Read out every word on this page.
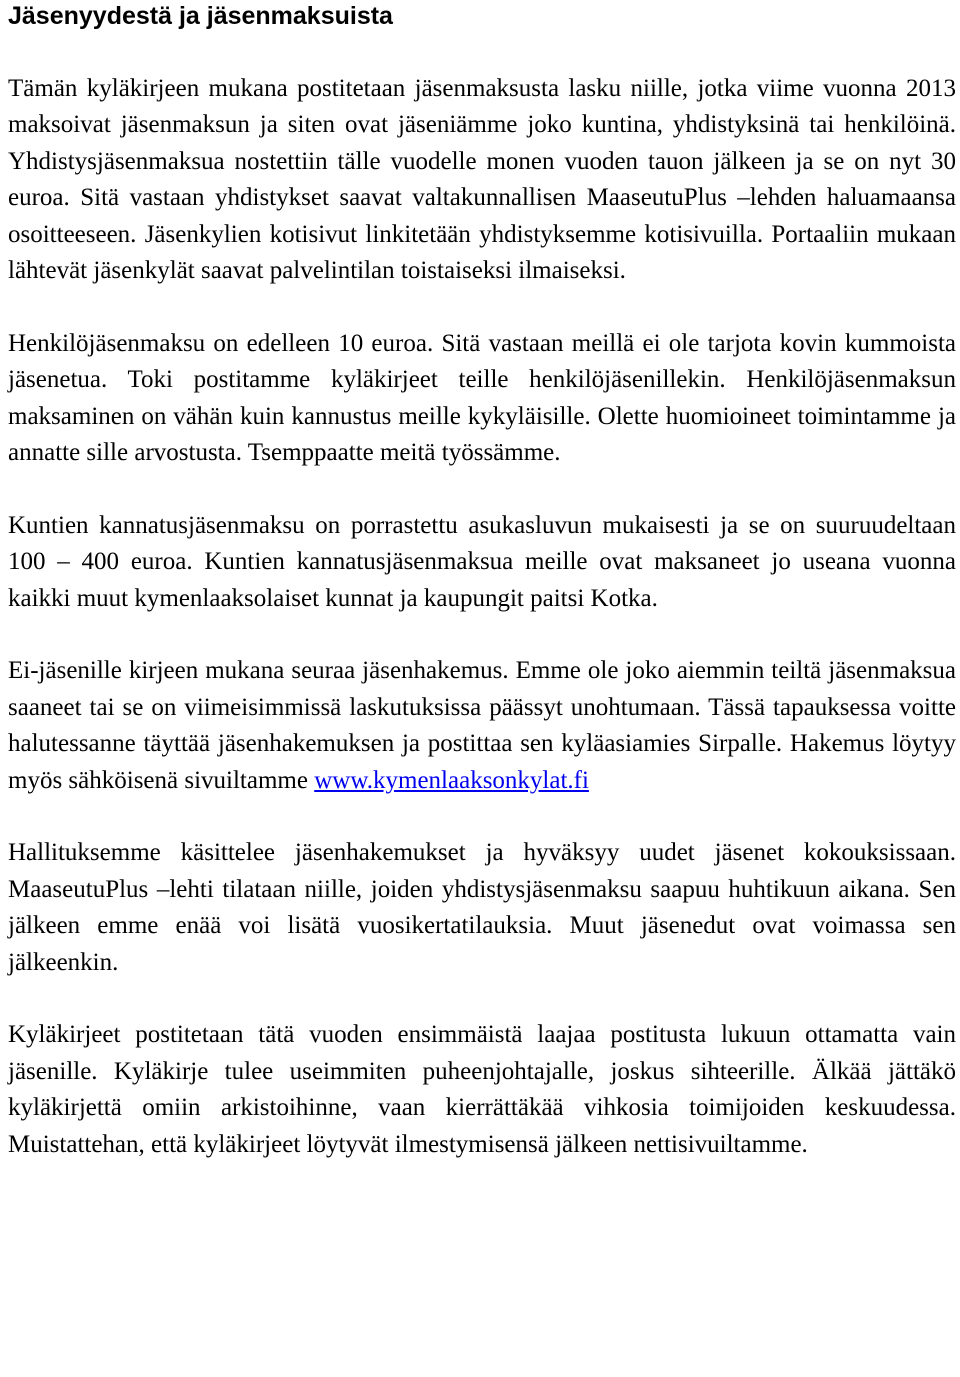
Jäsenyydestä ja jäsenmaksuista

Tämän kyläkirjeen mukana postitetaan jäsenmaksusta lasku niille, jotka viime vuonna 2013 maksoivat jäsenmaksun ja siten ovat jäseniämme joko kuntina, yhdistyksinä tai henkilöinä. Yhdistysjäsenmaksua nostettiin tälle vuodelle monen vuoden tauon jälkeen ja se on nyt 30 euroa. Sitä vastaan yhdistykset saavat valtakunnallisen MaaseutuPlus –lehden haluamaansa osoitteeseen. Jäsenkylien kotisivut linkitetään yhdistyksemme kotisivuilla. Portaaliin mukaan lähtevät jäsenkylät saavat palvelintilan toistaiseksi ilmaiseksi.

Henkilöjäsenmaksu on edelleen 10 euroa. Sitä vastaan meillä ei ole tarjota kovin kummoista jäsenetua. Toki postitamme kyläkirjeet teille henkilöjäsenillekin. Henkilöjäsenmaksun maksaminen on vähän kuin kannustus meille kykyläisille. Olette huomioineet toimintamme ja annatte sille arvostusta. Tsemppaatte meitä työssämme.

Kuntien kannatusjäsenmaksu on porrastettu asukasluvun mukaisesti ja se on suuruudeltaan 100 – 400 euroa. Kuntien kannatusjäsenmaksua meille ovat maksaneet jo useana vuonna kaikki muut kymenlaaksolaiset kunnat ja kaupungit paitsi Kotka.

Ei-jäsenille kirjeen mukana seuraa jäsenhakemus. Emme ole joko aiemmin teiltä jäsenmaksua saaneet tai se on viimeisimmissä laskutuksissa päässyt unohtumaan. Tässä tapauksessa voitte halutessanne täyttää jäsenhakemuksen ja postittaa sen kyläasiamies Sirpalle. Hakemus löytyy myös sähköisenä sivuiltamme www.kymenlaaksonkylat.fi

Hallituksemme käsittelee jäsenhakemukset ja hyväksyy uudet jäsenet kokouksissaan. MaaseutuPlus –lehti tilataan niille, joiden yhdistysjäsenmaksu saapuu huhtikuun aikana. Sen jälkeen emme enää voi lisätä vuosikertatilauksia. Muut jäsenedut ovat voimassa sen jälkeenkin.

Kyläkirjeet postitetaan tätä vuoden ensimmäistä laajaa postitusta lukuun ottamatta vain jäsenille. Kyläkirje tulee useimmiten puheenjohtajalle, joskus sihteerille. Älkää jättäkö kyläkirjettä omiin arkistoihinne, vaan kierrättäkää vihkosia toimijoiden keskuudessa. Muistattehan, että kyläkirjeet löytyvät ilmestymisensä jälkeen nettisivuiltamme.
